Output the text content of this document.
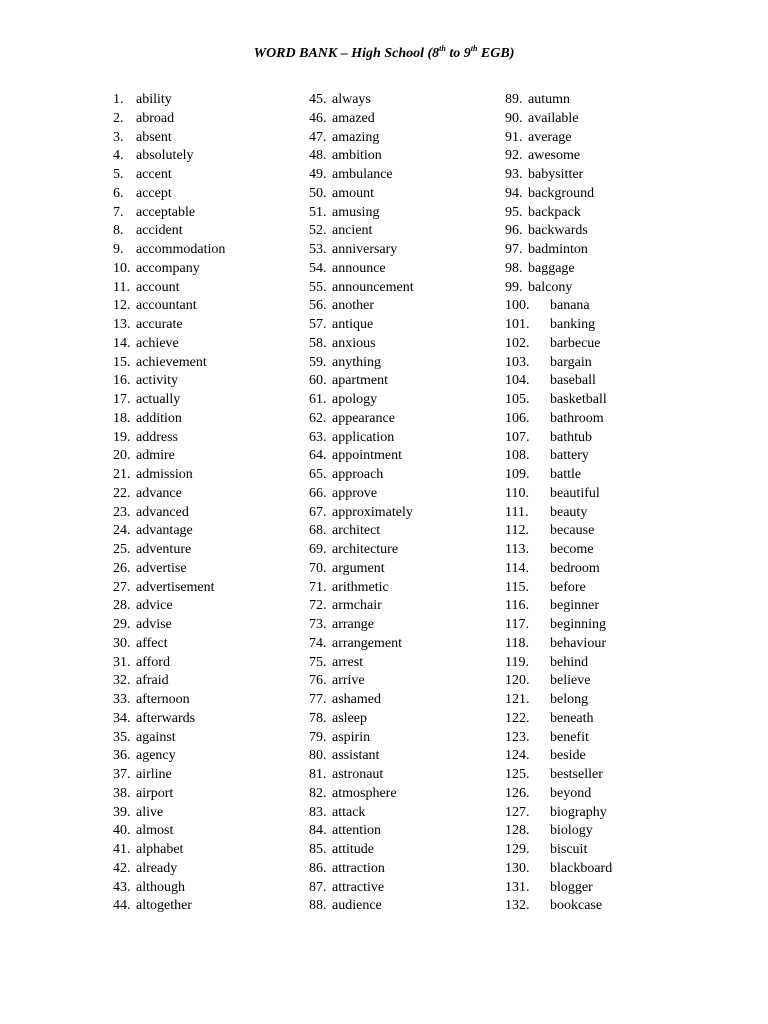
WORD BANK – High School (8th to 9th EGB)
1. ability
2. abroad
3. absent
4. absolutely
5. accent
6. accept
7. acceptable
8. accident
9. accommodation
10. accompany
11. account
12. accountant
13. accurate
14. achieve
15. achievement
16. activity
17. actually
18. addition
19. address
20. admire
21. admission
22. advance
23. advanced
24. advantage
25. adventure
26. advertise
27. advertisement
28. advice
29. advise
30. affect
31. afford
32. afraid
33. afternoon
34. afterwards
35. against
36. agency
37. airline
38. airport
39. alive
40. almost
41. alphabet
42. already
43. although
44. altogether
45. always
46. amazed
47. amazing
48. ambition
49. ambulance
50. amount
51. amusing
52. ancient
53. anniversary
54. announce
55. announcement
56. another
57. antique
58. anxious
59. anything
60. apartment
61. apology
62. appearance
63. application
64. appointment
65. approach
66. approve
67. approximately
68. architect
69. architecture
70. argument
71. arithmetic
72. armchair
73. arrange
74. arrangement
75. arrest
76. arrive
77. ashamed
78. asleep
79. aspirin
80. assistant
81. astronaut
82. atmosphere
83. attack
84. attention
85. attitude
86. attraction
87. attractive
88. audience
89. autumn
90. available
91. average
92. awesome
93. babysitter
94. background
95. backpack
96. backwards
97. badminton
98. baggage
99. balcony
100. banana
101. banking
102. barbecue
103. bargain
104. baseball
105. basketball
106. bathroom
107. bathtub
108. battery
109. battle
110. beautiful
111. beauty
112. because
113. become
114. bedroom
115. before
116. beginner
117. beginning
118. behaviour
119. behind
120. believe
121. belong
122. beneath
123. benefit
124. beside
125. bestseller
126. beyond
127. biography
128. biology
129. biscuit
130. blackboard
131. blogger
132. bookcase
